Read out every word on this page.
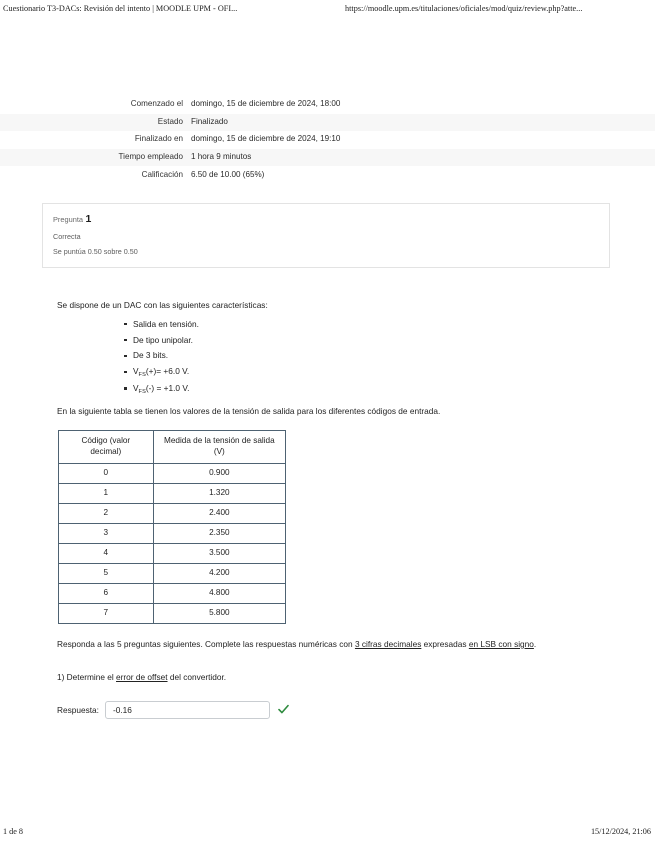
Cuestionario T3-DACs: Revisión del intento | MOODLE UPM - OFI...	https://moodle.upm.es/titulaciones/oficiales/mod/quiz/review.php?atte...
	Comenzado el	domingo, 15 de diciembre de 2024, 18:00	
	Estado	Finalizado	
	Finalizado en	domingo, 15 de diciembre de 2024, 19:10	
Tiempo empleado		1 hora 9 minutos	
	Calificación	6.50 de 10.00 (65%)	
Pregunta 1
Correcta
Se puntúa 0.50 sobre 0.50

Se dispone de un DAC con las siguientes características:

Salida en tensión.
De tipo unipolar.
De 3 bits.
$V_{FS}(+)= +6.0$ V.
$V_{FS}(-) = +1.0$ V.

En la siguiente tabla se tienen los valores de la tensión de salida para los diferentes códigos de entrada.

Código (valor decimal)	Medida de la tensión de salida (V)
0	0.900
1	1.320
2	2.400
3	2.350
4	3.500
5	4.200
6	4.800
7	5.800

Responda a las 5 preguntas siguientes. Complete las respuestas numéricas con 3 cifras decimales expresadas en LSB con signo.

1) Determine el error de offset del convertidor.

Respuesta:
-0.16
1 de 8	15/12/2024, 21:06
